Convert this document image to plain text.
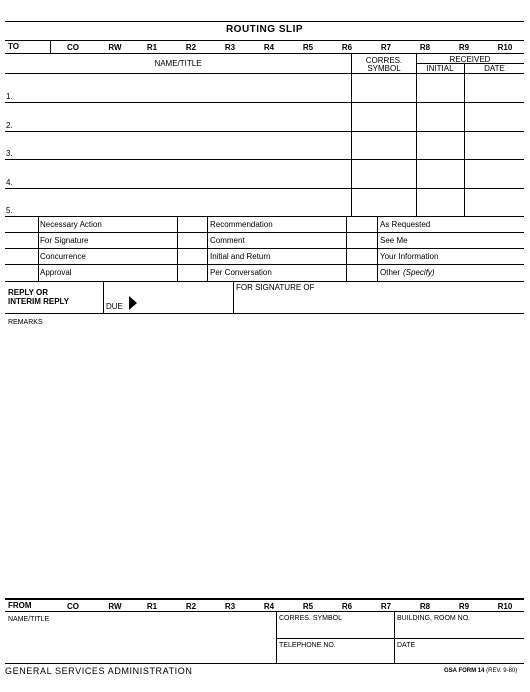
ROUTING SLIP
TO	CO	RW	R1	R2	R3	R4	R5	R6	R7	R8	R9	R10
NAME/TITLE	CORRES.
SYMBOL
RECEIVED
INITIAL	DATE
1.
2.
3.
4.
5.
Necessary Action	Recommendation	As Requested
For Signature	Comment	See Me
Concurrence	Initial and Return	Your Information
Approval	Per Conversation	Other (Specify)
REPLY OR
INTERIM REPLY
DUE
FOR SIGNATURE OF
REMARKS
FROM	CO	RW	R1	R2	R3	R4	R5	R6	R7	R8	R9	R10
NAME/TITLE	CORRES. SYMBOL	BUILDING, ROOM NO.
TELEPHONE NO.	DATE
GENERAL SERVICES ADMINISTRATION	GSA FORM 14 (REV. 9-80)
